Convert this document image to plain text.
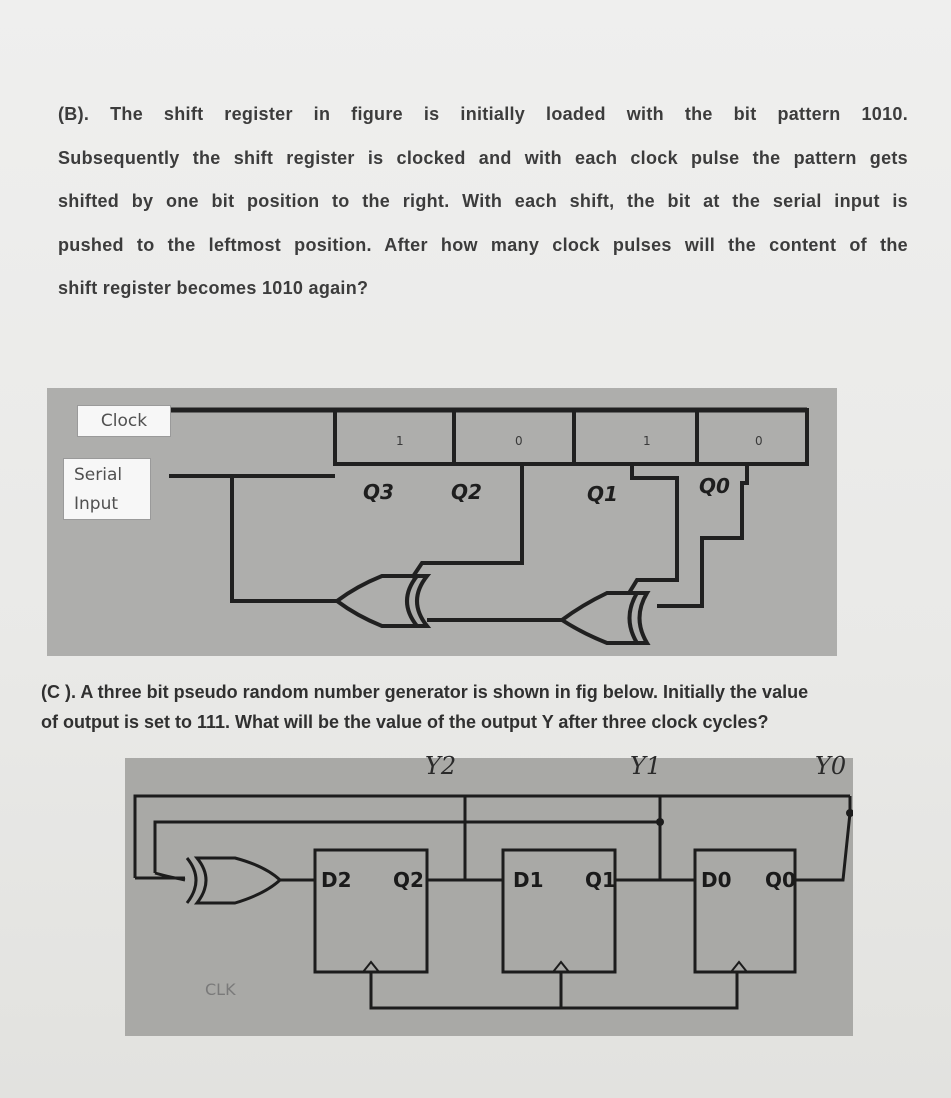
(B). The shift register in figure is initially loaded with the bit pattern 1010.
Subsequently the shift register is clocked and with each clock pulse the pattern gets
shifted by one bit position to the right. With each shift, the bit at the serial input is
pushed to the leftmost position. After how many clock pulses will the content of the
shift register becomes 1010 again?
Clock
Serial
Input
1	0	1	0
Q3	Q2	Q1	Q0
(C ). A three bit pseudo random number generator is shown in fig below. Initially the value
of output is set to 111. What will be the value of the output Y after three clock cycles?
Y2	Y1	Y0
D2 Q2	D1 Q1	D0 Q0
CLK
